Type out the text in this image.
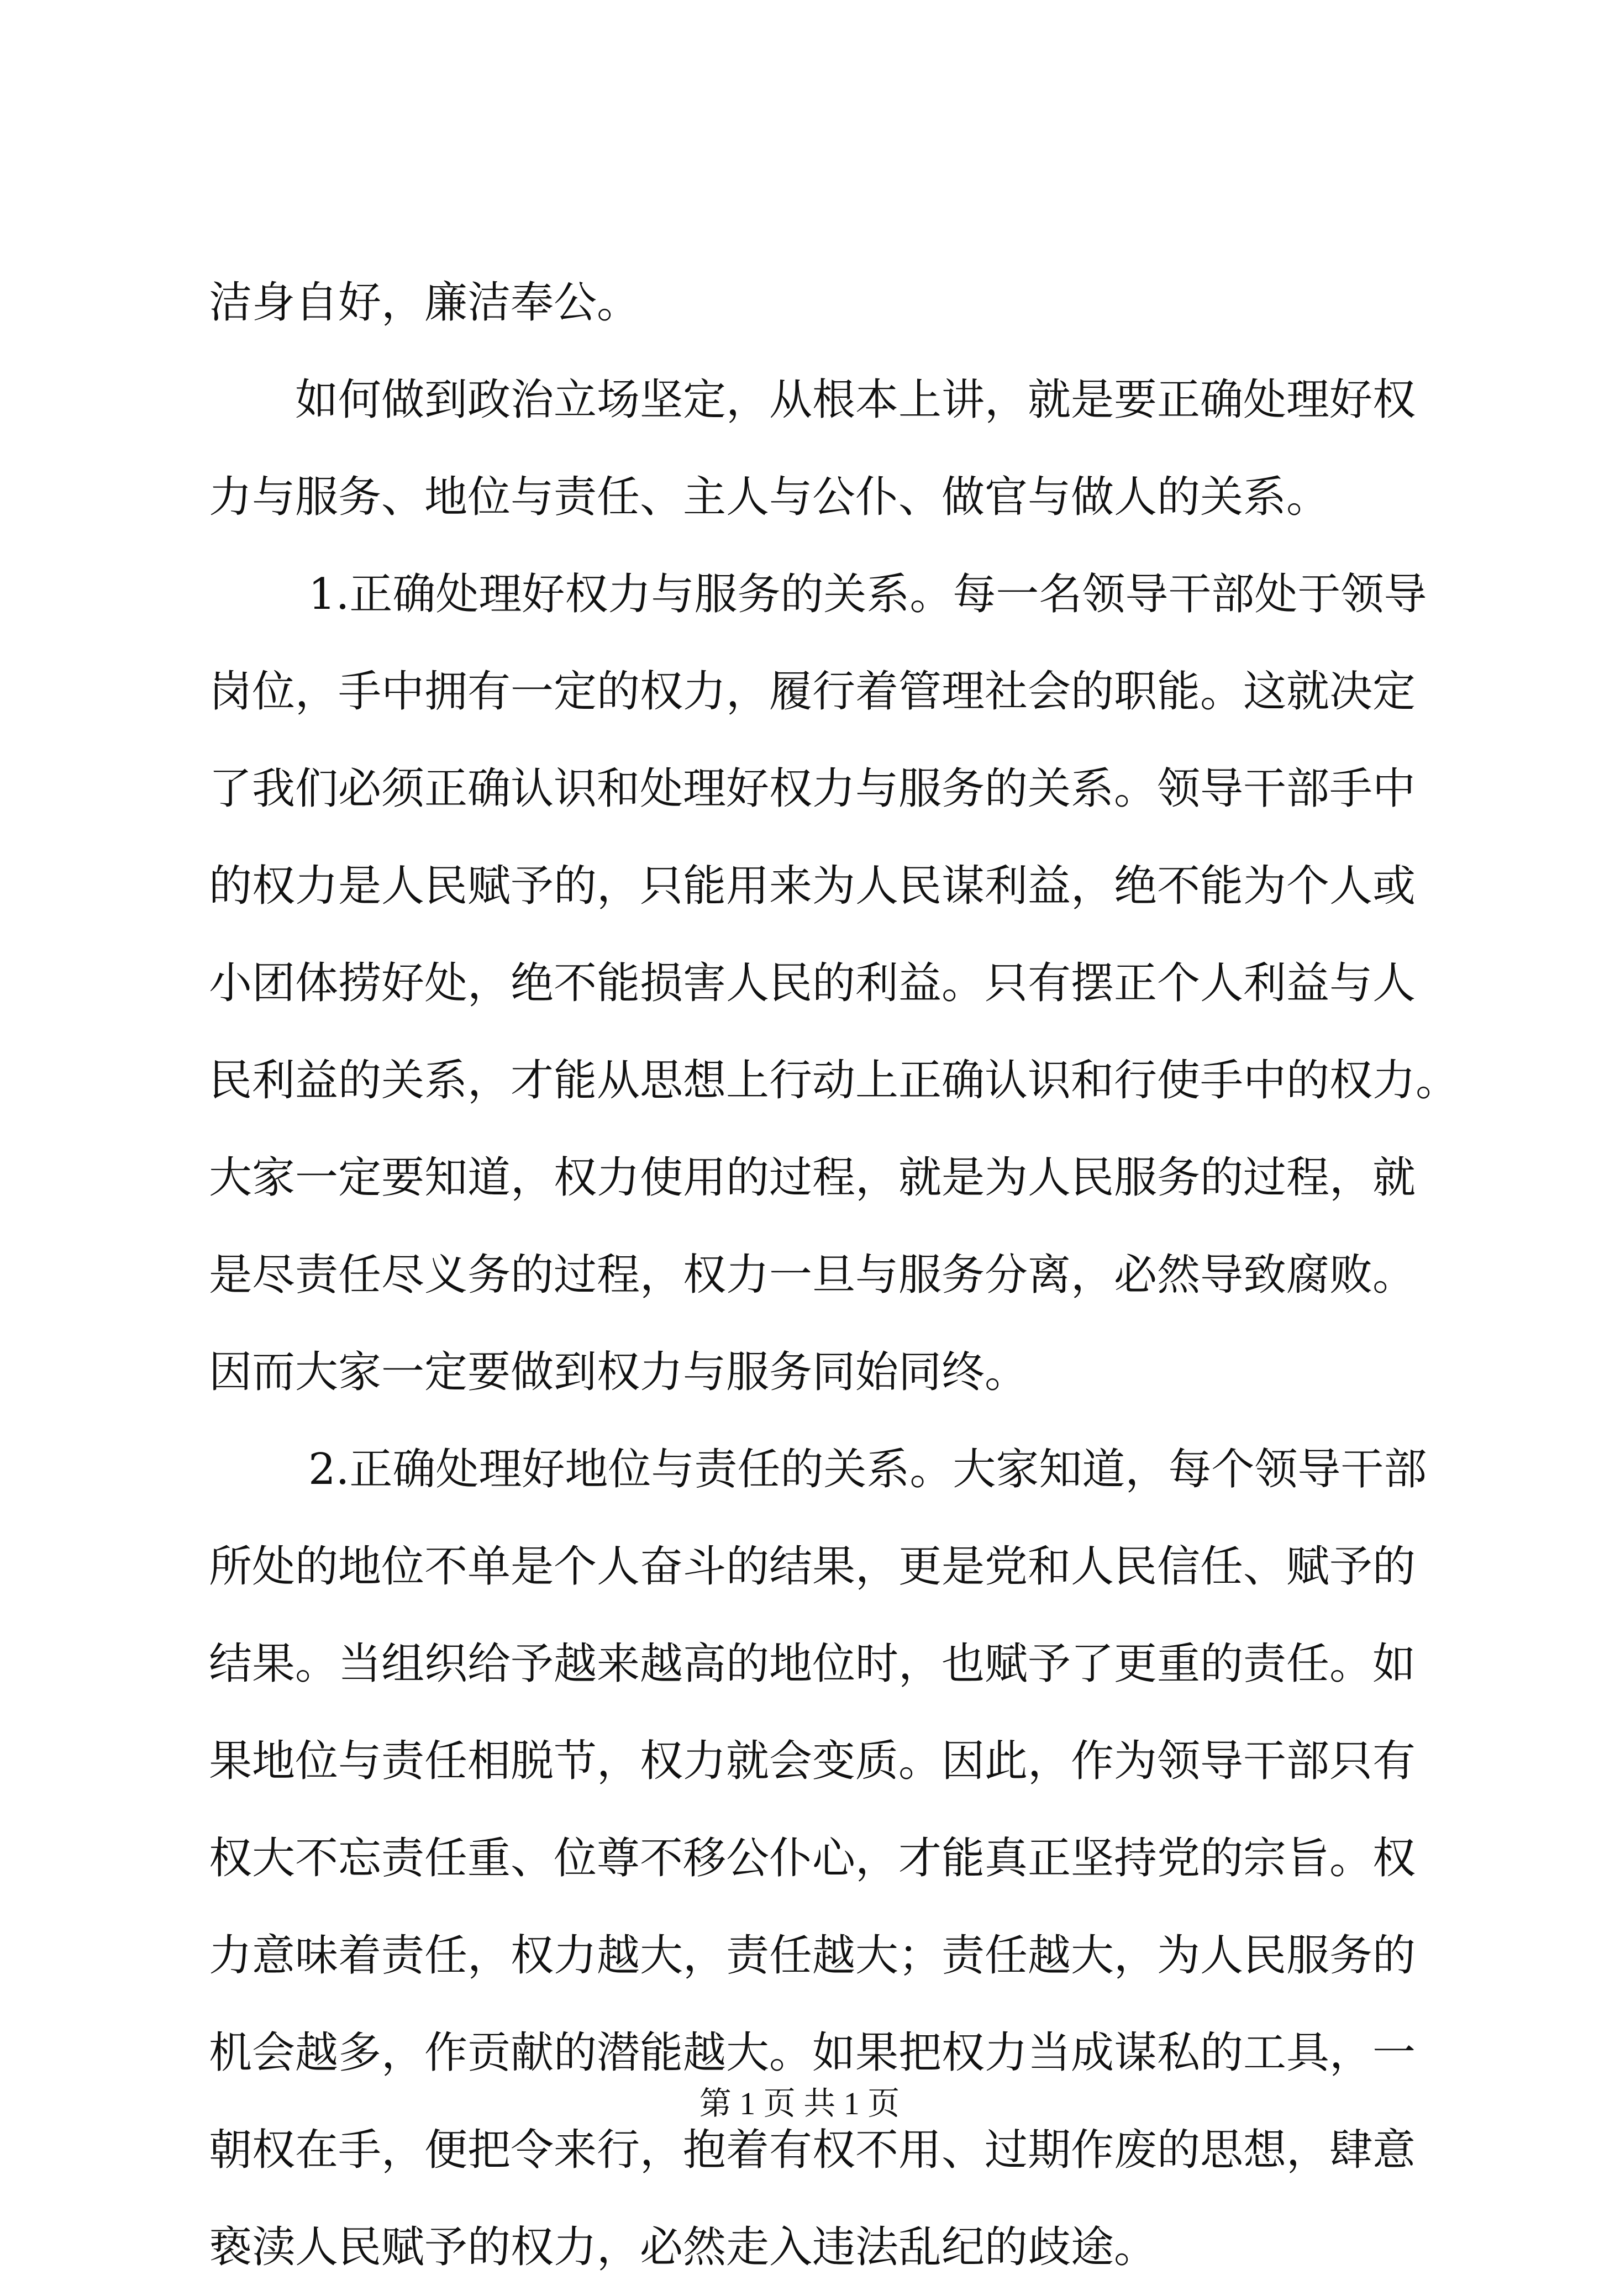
洁身自好，廉洁奉公。
如何做到政治立场坚定，从根本上讲，就是要正确处理好权
力与服务、地位与责任、主人与公仆、做官与做人的关系。
1.正确处理好权力与服务的关系。每一名领导干部处于领导
岗位，手中拥有一定的权力，履行着管理社会的职能。这就决定
了我们必须正确认识和处理好权力与服务的关系。领导干部手中
的权力是人民赋予的，只能用来为人民谋利益，绝不能为个人或
小团体捞好处，绝不能损害人民的利益。只有摆正个人利益与人
民利益的关系，才能从思想上行动上正确认识和行使手中的权力。
大家一定要知道，权力使用的过程，就是为人民服务的过程，就
是尽责任尽义务的过程，权力一旦与服务分离，必然导致腐败。
因而大家一定要做到权力与服务同始同终。
2.正确处理好地位与责任的关系。大家知道，每个领导干部
所处的地位不单是个人奋斗的结果，更是党和人民信任、赋予的
结果。当组织给予越来越高的地位时，也赋予了更重的责任。如
果地位与责任相脱节，权力就会变质。因此，作为领导干部只有
权大不忘责任重、位尊不移公仆心，才能真正坚持党的宗旨。权
力意味着责任，权力越大，责任越大；责任越大，为人民服务的
机会越多，作贡献的潜能越大。如果把权力当成谋私的工具，一
朝权在手，便把令来行，抱着有权不用、过期作废的思想，肆意
亵渎人民赋予的权力，必然走入违法乱纪的歧途。
第 1 页 共 1 页
